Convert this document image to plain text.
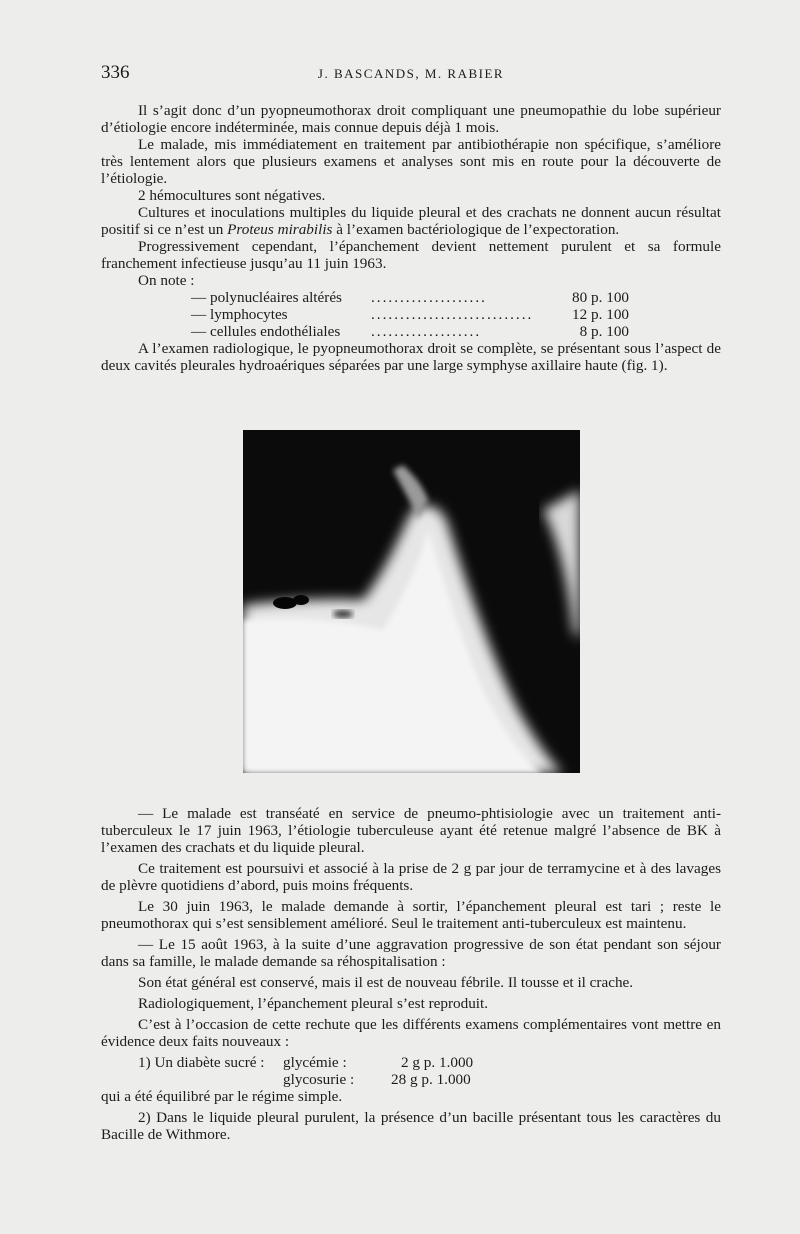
336	J. BASCANDS, M. RABIER

Il s’agit donc d’un pyopneumothorax droit compliquant une pneumopathie du lobe supérieur d’étiologie encore indéterminée, mais connue depuis déjà 1 mois.

Le malade, mis immédiatement en traitement par antibiothérapie non spécifique, s’améliore très lentement alors que plusieurs examens et analyses sont mis en route pour la découverte de l’étiologie.

2 hémocultures sont négatives.

Cultures et inoculations multiples du liquide pleural et des crachats ne donnent aucun résultat positif si ce n’est un Proteus mirabilis à l’examen bactériologique de l’expectoration.

Progressivement cependant, l’épanchement devient nettement purulent et sa formule franchement infectieuse jusqu’au 11 juin 1963.

On note :

— polynucléaires altérés ....................	80 p. 100
— lymphocytes	............................	12 p. 100
— cellules endothéliales ...................	8 p. 100

A l’examen radiologique, le pyopneumothorax droit se complète, se présentant sous l’aspect de deux cavités pleurales hydroaériques séparées par une large symphyse axillaire haute (fig. 1).

— Le malade est transéaté en service de pneumo-phtisiologie avec un traitement anti-tuberculeux le 17 juin 1963, l’étiologie tuberculeuse ayant été retenue malgré l’absence de BK à l’examen des crachats et du liquide pleural.

Ce traitement est poursuivi et associé à la prise de 2 g par jour de terramycine et à des lavages de plèvre quotidiens d’abord, puis moins fréquents.

Le 30 juin 1963, le malade demande à sortir, l’épanchement pleural est tari ; reste le pneumothorax qui s’est sensiblement amélioré. Seul le traitement anti-tuberculeux est maintenu.

— Le 15 août 1963, à la suite d’une aggravation progressive de son état pendant son séjour dans sa famille, le malade demande sa réhospitalisation :

Son état général est conservé, mais il est de nouveau fébrile. Il tousse et il crache.

Radiologiquement, l’épanchement pleural s’est reproduit.

C’est à l’occasion de cette rechute que les différents examens complémentaires vont mettre en évidence deux faits nouveaux :

1) Un diabète sucré : glycémie :	2 g p. 1.000
glycosurie : 28 g p. 1.000

qui a été équilibré par le régime simple.

2) Dans le liquide pleural purulent, la présence d’un bacille présentant tous les caractères du Bacille de Withmore.
